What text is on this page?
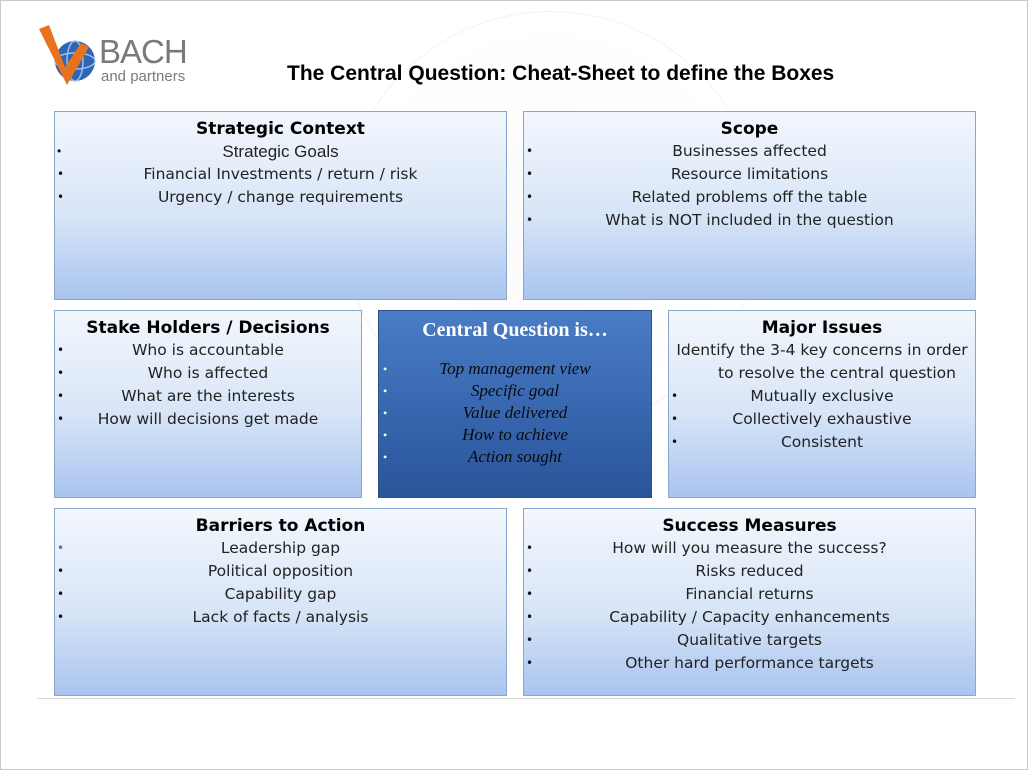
BACH
and partners	The Central Question: Cheat-Sheet to define the Boxes
Strategic Context
•	Strategic Goals
•	Financial Investments / return / risk
•	Urgency / change requirements
Scope
•	Businesses affected
•	Resource limitations
•	Related problems off the table
•	What is NOT included in the question
Stake Holders / Decisions
•	Who is accountable
•	Who is affected
•	What are the interests
• How will decisions get made
Central Question is…
•	Top management view
•	Specific goal
•	Value delivered
•	How to achieve
•	Action sought
Major Issues
Identify the 3-4 key concerns in order
to resolve the central question
•	Mutually exclusive
•	Collectively exhaustive
•	Consistent
Barriers to Action
•	Leadership gap
•	Political opposition
•	Capability gap
•	Lack of facts / analysis
Success Measures
•	How will you measure the success?
•	Risks reduced
•	Financial returns
•	Capability / Capacity enhancements
•	Qualitative targets
•	Other hard performance targets
